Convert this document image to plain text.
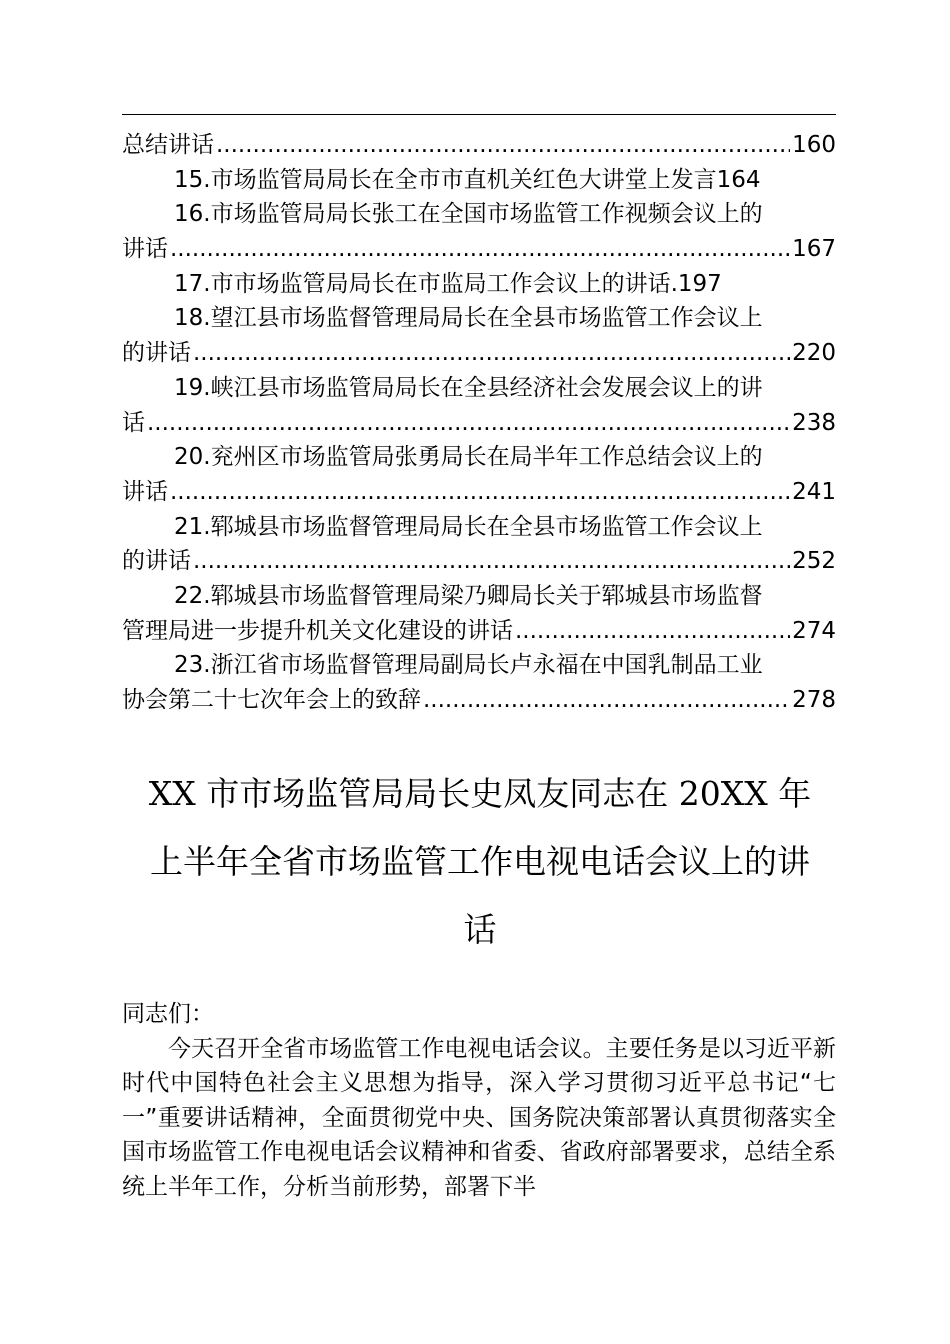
总结讲话 .....	160
15.市场监管局局长在全市市直机关红色大讲堂上发言 164
16.市场监管局局长张工在全国市场监管工作视频会议上的
讲话 .....	167
17.市市场监管局局长在市监局工作会议上的讲话. 197
18.望江县市场监督管理局局长在全县市场监管工作会议上
的讲话 .....	220
19.峡江县市场监管局局长在全县经济社会发展会议上的讲
话 .....	238
20.兖州区市场监管局张勇局长在局半年工作总结会议上的
讲话 .....	241
21.郓城县市场监督管理局局长在全县市场监管工作会议上
的讲话 .....	252
22.郓城县市场监督管理局梁乃卿局长关于郓城县市场监督
管理局进一步提升机关文化建设的讲话 .....	274
23.浙江省市场监督管理局副局长卢永福在中国乳制品工业
协会第二十七次年会上的致辞 .....	278
XX 市市场监管局局长史凤友同志在 20XX 年
上半年全省市场监管工作电视电话会议上的讲
话

同志们：

今天召开全省市场监管工作电视电话会议。主要任务是以习近平新时代中国特色社会主义思想为指导，深入学习贯彻习近平总书记“七一”重要讲话精神，全面贯彻党中央、国务院决策部署认真贯彻落实全国市场监管工作电视电话会议精神和省委、省政府部署要求，总结全系统上半年工作，分析当前形势，部署下半
